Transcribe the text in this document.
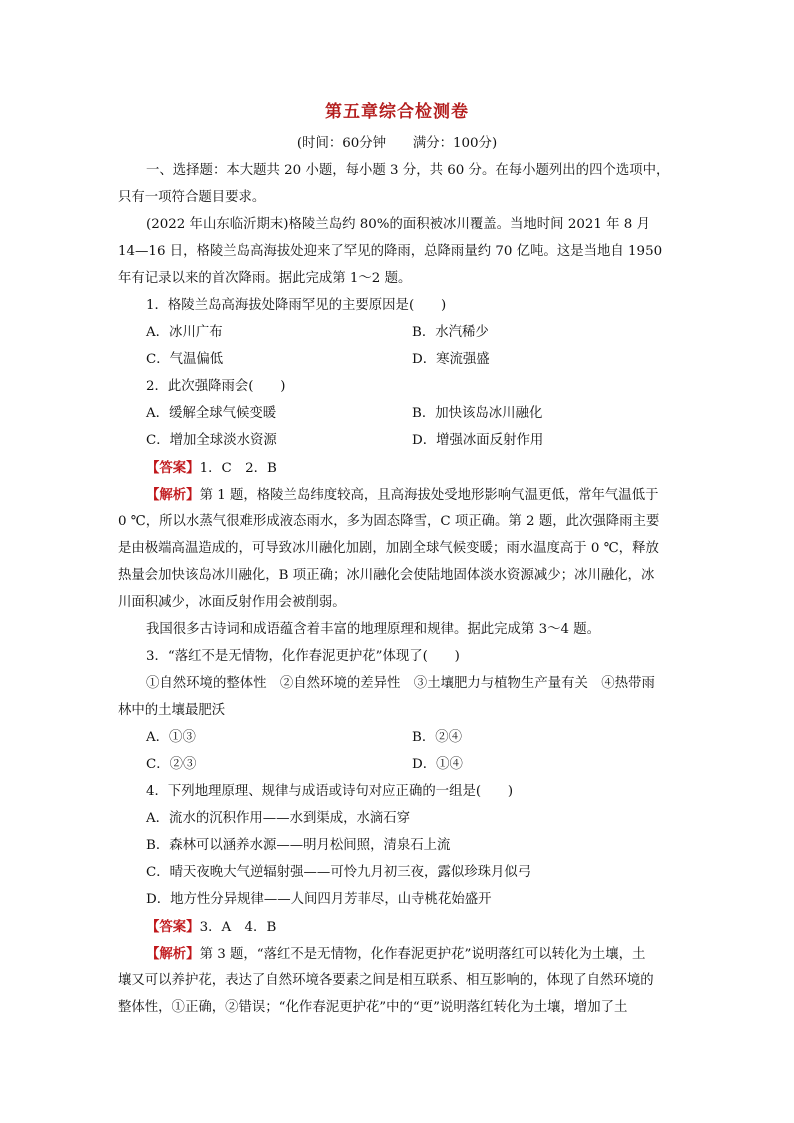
第五章综合检测卷
(时间：60分钟　　满分：100分)
一、选择题：本大题共 20 小题，每小题 3 分，共 60 分。在每小题列出的四个选项中，
只有一项符合题目要求。
(2022 年山东临沂期末)格陵兰岛约 80%的面积被冰川覆盖。当地时间 2021 年 8 月
14—16 日，格陵兰岛高海拔处迎来了罕见的降雨，总降雨量约 70 亿吨。这是当地自 1950
年有记录以来的首次降雨。据此完成第 1～2 题。
1．格陵兰岛高海拔处降雨罕见的主要原因是(　　)
A．冰川广布	B．水汽稀少
C．气温偏低	D．寒流强盛
2．此次强降雨会(　　)
A．缓解全球气候变暖	B．加快该岛冰川融化
C．增加全球淡水资源	D．增强冰面反射作用
【答案】1．C　2．B
【解析】第 1 题，格陵兰岛纬度较高，且高海拔处受地形影响气温更低，常年气温低于
0 ℃，所以水蒸气很难形成液态雨水，多为固态降雪，C 项正确。第 2 题，此次强降雨主要
是由极端高温造成的，可导致冰川融化加剧，加剧全球气候变暖；雨水温度高于 0 ℃，释放
热量会加快该岛冰川融化，B 项正确；冰川融化会使陆地固体淡水资源减少；冰川融化，冰
川面积减少，冰面反射作用会被削弱。
我国很多古诗词和成语蕴含着丰富的地理原理和规律。据此完成第 3～4 题。
3．“落红不是无情物，化作春泥更护花”体现了(　　)
①自然环境的整体性　②自然环境的差异性　③土壤肥力与植物生产量有关　④热带雨
林中的土壤最肥沃
A．①③	B．②④
C．②③	D．①④
4．下列地理原理、规律与成语或诗句对应正确的一组是(　　)
A．流水的沉积作用——水到渠成，水滴石穿
B．森林可以涵养水源——明月松间照，清泉石上流
C．晴天夜晚大气逆辐射强——可怜九月初三夜，露似珍珠月似弓
D．地方性分异规律——人间四月芳菲尽，山寺桃花始盛开
【答案】3．A　4．B
【解析】第 3 题，“落红不是无情物，化作春泥更护花”说明落红可以转化为土壤，土
壤又可以养护花，表达了自然环境各要素之间是相互联系、相互影响的，体现了自然环境的
整体性，①正确，②错误；“化作春泥更护花”中的“更”说明落红转化为土壤，增加了土
